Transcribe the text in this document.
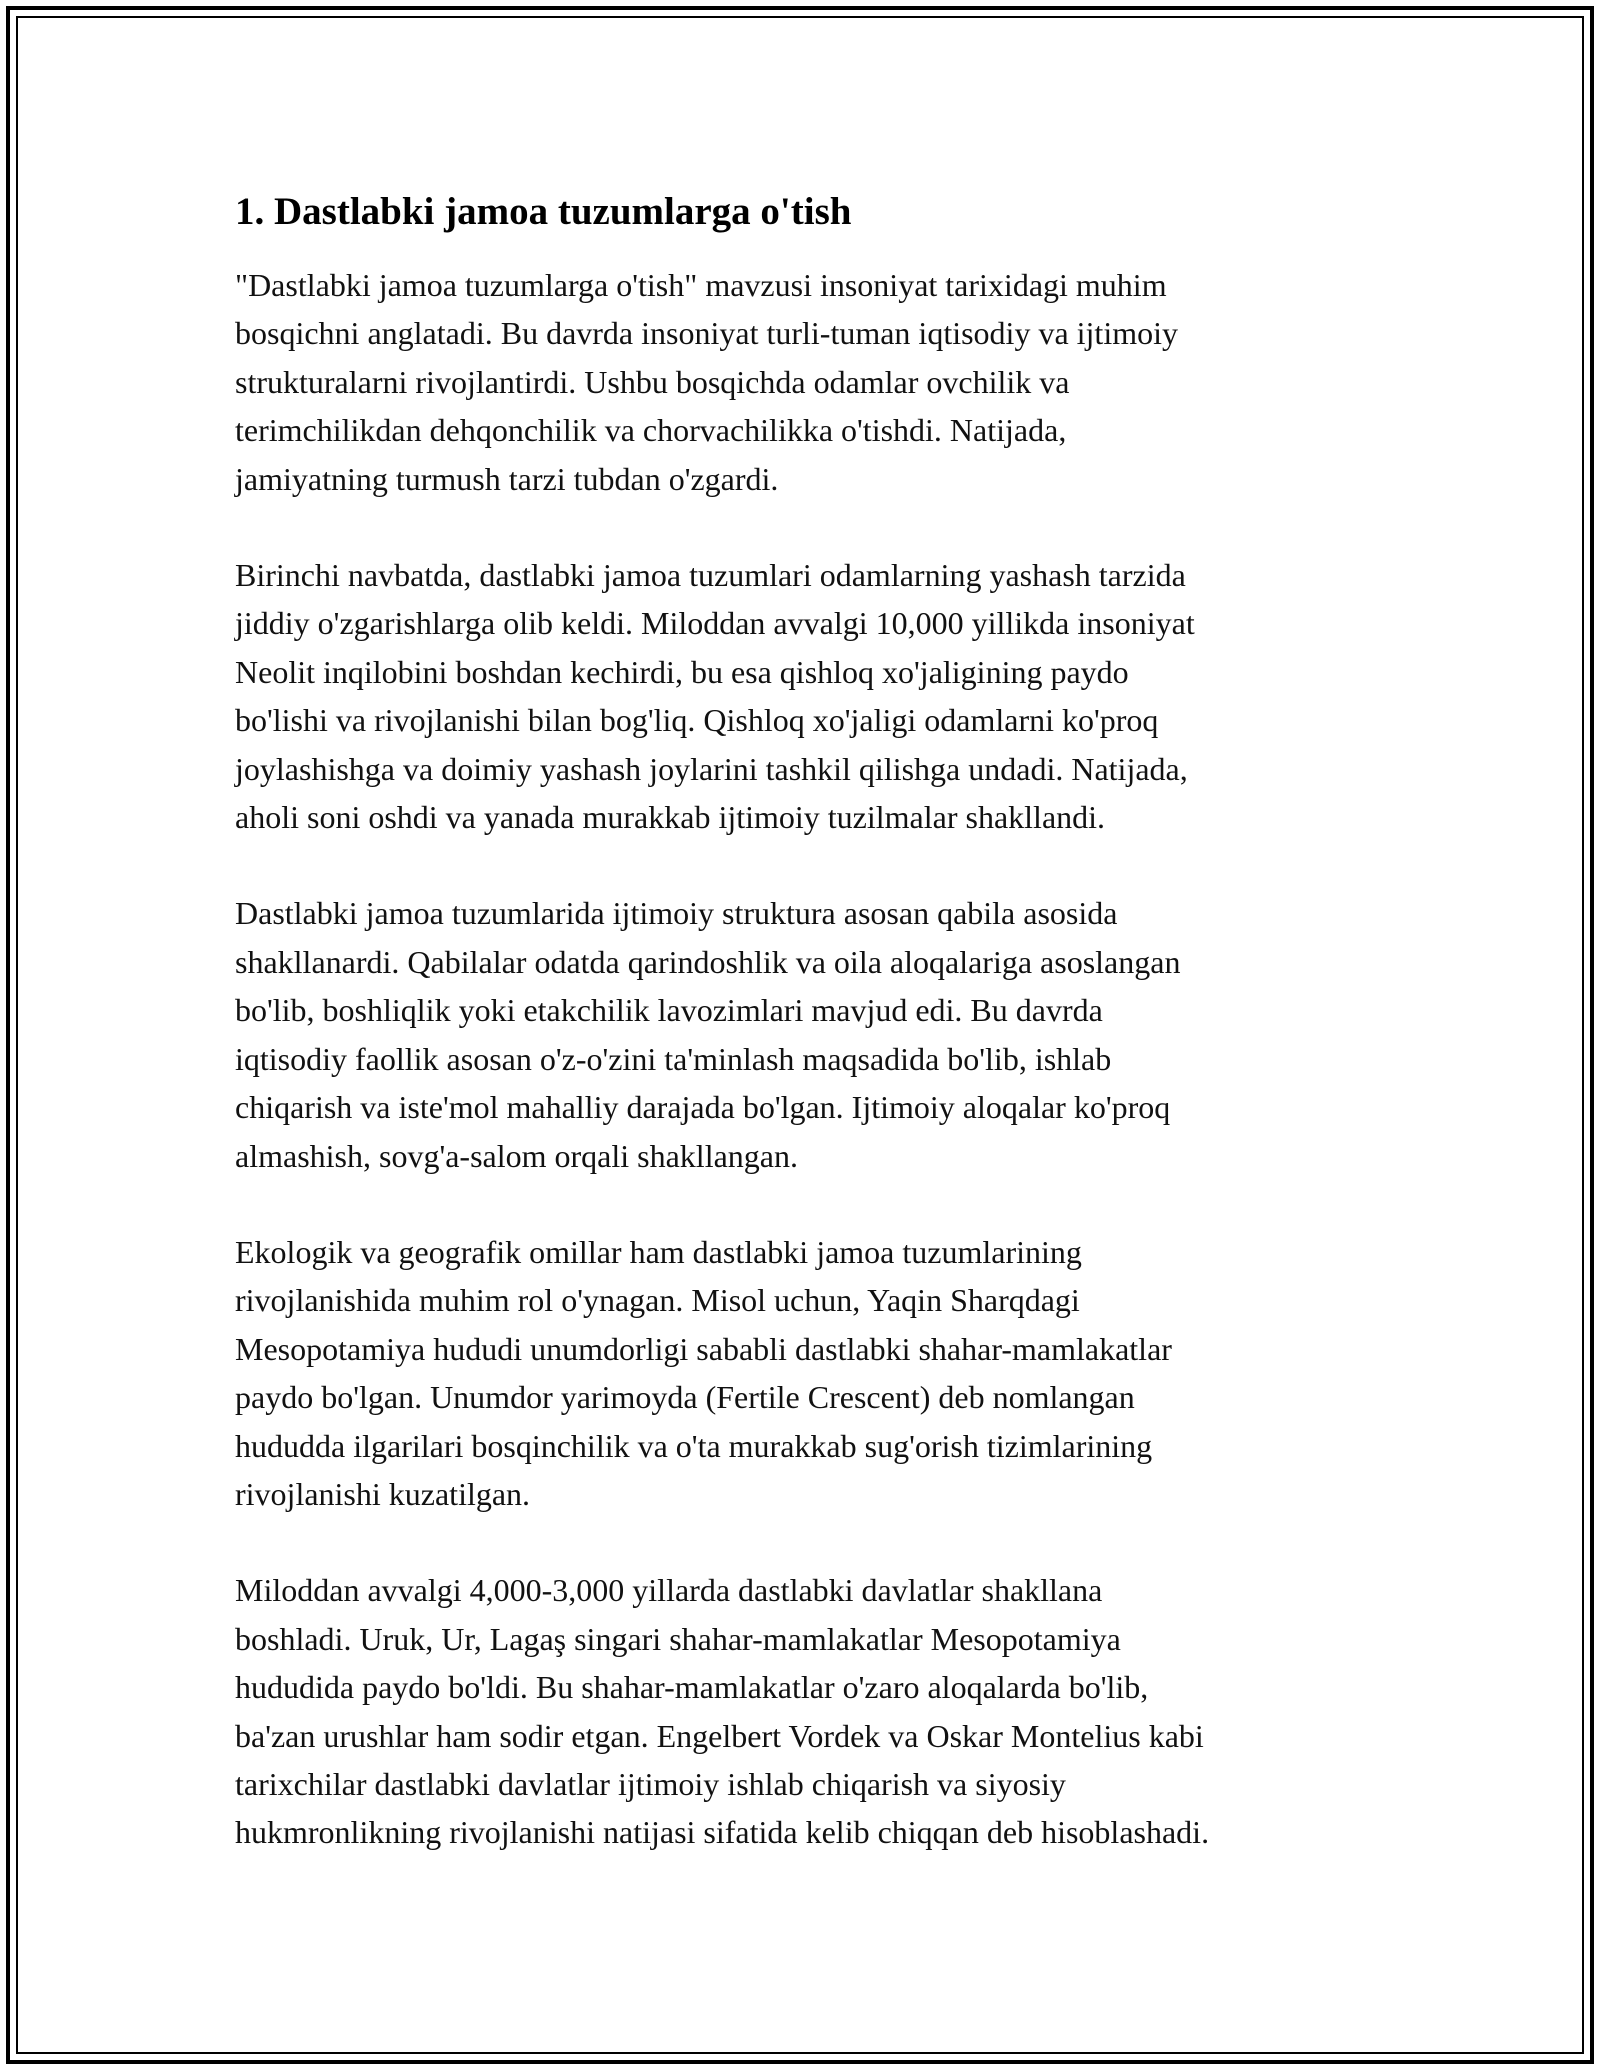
1. Dastlabki jamoa tuzumlarga o'tish

"Dastlabki jamoa tuzumlarga o'tish" mavzusi insoniyat tarixidagi muhim
bosqichni anglatadi. Bu davrda insoniyat turli-tuman iqtisodiy va ijtimoiy
strukturalarni rivojlantirdi. Ushbu bosqichda odamlar ovchilik va
terimchilikdan dehqonchilik va chorvachilikka o'tishdi. Natijada,
jamiyatning turmush tarzi tubdan o'zgardi.

Birinchi navbatda, dastlabki jamoa tuzumlari odamlarning yashash tarzida
jiddiy o'zgarishlarga olib keldi. Miloddan avvalgi 10,000 yillikda insoniyat
Neolit inqilobini boshdan kechirdi, bu esa qishloq xo'jaligining paydo
bo'lishi va rivojlanishi bilan bog'liq. Qishloq xo'jaligi odamlarni ko'proq
joylashishga va doimiy yashash joylarini tashkil qilishga undadi. Natijada,
aholi soni oshdi va yanada murakkab ijtimoiy tuzilmalar shakllandi.

Dastlabki jamoa tuzumlarida ijtimoiy struktura asosan qabila asosida
shakllanardi. Qabilalar odatda qarindoshlik va oila aloqalariga asoslangan
bo'lib, boshliqlik yoki etakchilik lavozimlari mavjud edi. Bu davrda
iqtisodiy faollik asosan o'z-o'zini ta'minlash maqsadida bo'lib, ishlab
chiqarish va iste'mol mahalliy darajada bo'lgan. Ijtimoiy aloqalar ko'proq
almashish, sovg'a-salom orqali shakllangan.

Ekologik va geografik omillar ham dastlabki jamoa tuzumlarining
rivojlanishida muhim rol o'ynagan. Misol uchun, Yaqin Sharqdagi
Mesopotamiya hududi unumdorligi sababli dastlabki shahar-mamlakatlar
paydo bo'lgan. Unumdor yarimoyda (Fertile Crescent) deb nomlangan
hududda ilgarilari bosqinchilik va o'ta murakkab sug'orish tizimlarining
rivojlanishi kuzatilgan.

Miloddan avvalgi 4,000-3,000 yillarda dastlabki davlatlar shakllana
boshladi. Uruk, Ur, Lagaş singari shahar-mamlakatlar Mesopotamiya
hududida paydo bo'ldi. Bu shahar-mamlakatlar o'zaro aloqalarda bo'lib,
ba'zan urushlar ham sodir etgan. Engelbert Vordek va Oskar Montelius kabi
tarixchilar dastlabki davlatlar ijtimoiy ishlab chiqarish va siyosiy
hukmronlikning rivojlanishi natijasi sifatida kelib chiqqan deb hisoblashadi.
